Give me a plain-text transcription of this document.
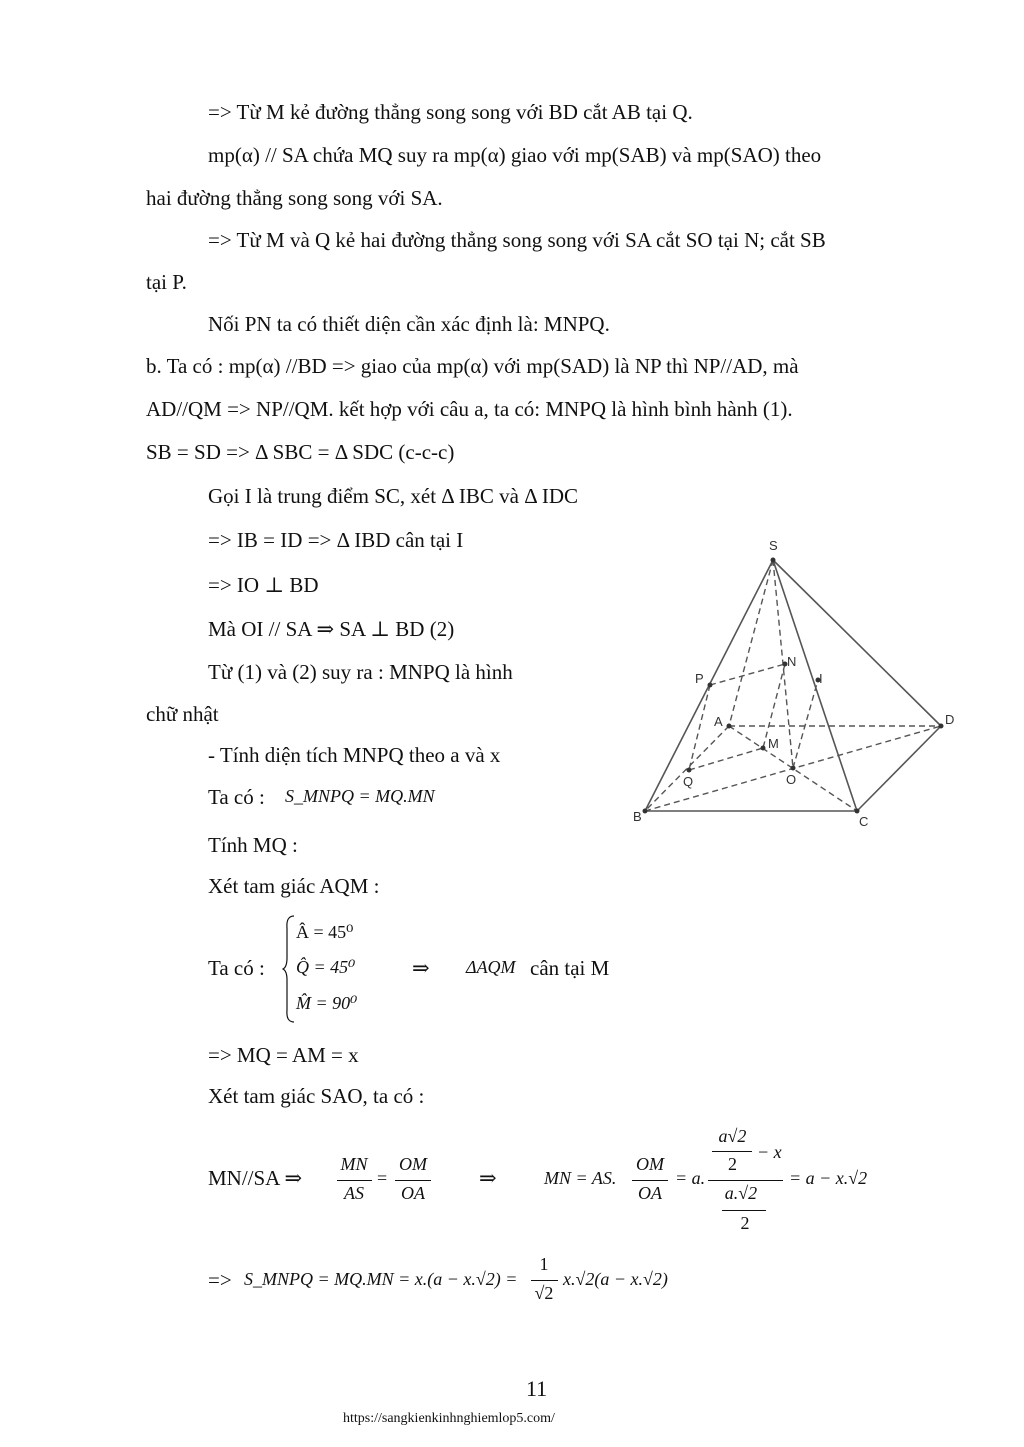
=> Từ M kẻ đường thẳng song song với BD cắt AB tại Q.
mp(α) // SA chứa MQ suy ra mp(α) giao với mp(SAB) và mp(SAO) theo
hai đường thẳng song song với SA.
=> Từ M và Q kẻ hai đường thẳng song song với SA cắt SO tại N; cắt SB
tại P.
Nối PN ta có thiết diện cần xác định là: MNPQ.
b. Ta có : mp(α) //BD => giao của mp(α) với mp(SAD) là NP thì NP//AD, mà
AD//QM => NP//QM. kết hợp với câu a, ta có: MNPQ là hình bình hành (1).
SB = SD => Δ SBC = Δ SDC (c-c-c)
Gọi I là trung điểm SC, xét Δ IBC và Δ IDC
=> IB = ID => Δ IBD cân tại I
=> IO ⊥ BD
Mà OI // SA ⇒ SA ⊥ BD (2)
Từ (1) và (2) suy ra : MNPQ là hình
chữ nhật
- Tính diện tích MNPQ theo a và x
Ta có : S_MNPQ = MQ.MN
Tính MQ :
Xét tam giác AQM :
Ta có :
Â = 45⁰
Q̂ = 45⁰
M̂ = 90⁰
⇒ ΔAQM cân tại M
=> MQ = AM = x
Xét tam giác SAO, ta có :
MN//SA ⇒
MN
AS
=
OM
OA
⇒	MN = AS.
OM
OA
= a.
a√2
2
− x
a.√2
2
= a − x.√2
=> S_MNPQ = MQ.MN = x.(a − x.√2) =
1
√2
x.√2(a − x.√2)
S
N
I
P
A	D
M
Q	O
B	C
11
https://sangkienkinhnghiemlop5.com/
